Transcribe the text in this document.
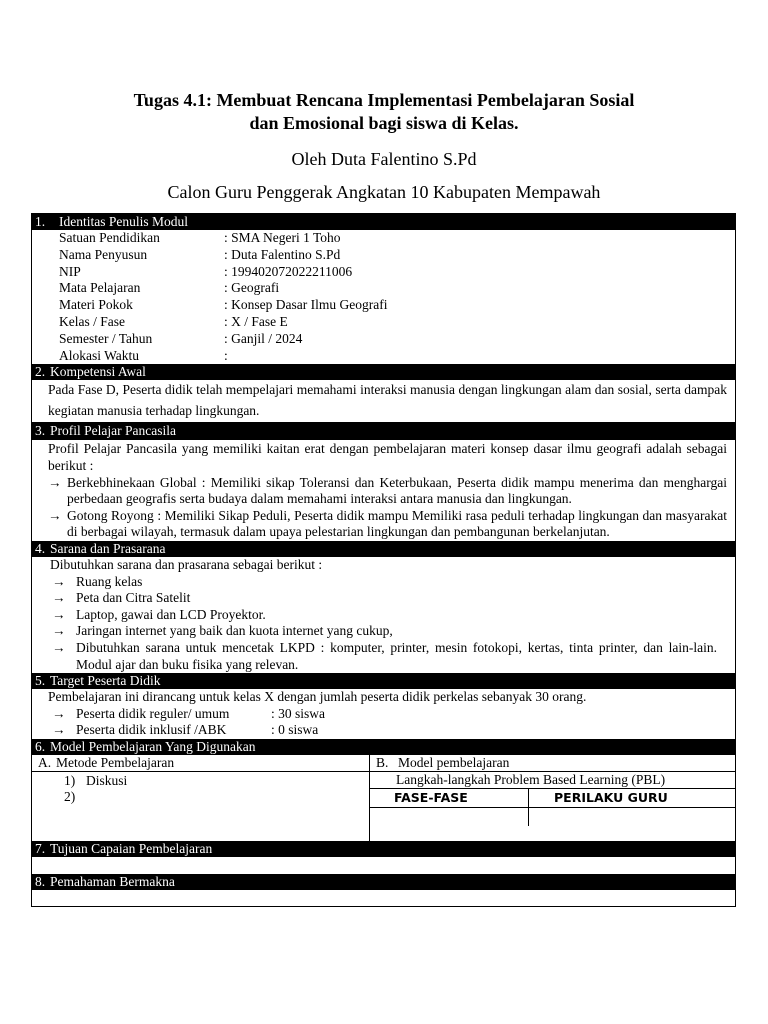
Tugas 4.1: Membuat Rencana Implementasi Pembelajaran Sosial
dan Emosional bagi siswa di Kelas.
Oleh Duta Falentino S.Pd
Calon Guru Penggerak Angkatan 10 Kabupaten Mempawah
1. Identitas Penulis Modul
Satuan Pendidikan	: SMA Negeri 1 Toho
Nama Penyusun	: Duta Falentino S.Pd
NIP	: 199402072022211006
Mata Pelajaran	: Geografi
Materi Pokok	: Konsep Dasar Ilmu Geografi
Kelas / Fase	: X / Fase E
Semester / Tahun	: Ganjil / 2024
Alokasi Waktu	:
2. Kompetensi Awal
Pada Fase D, Peserta didik telah mempelajari memahami interaksi manusia dengan lingkungan alam dan sosial, serta dampak kegiatan manusia terhadap lingkungan.
3. Profil Pelajar Pancasila
Profil Pelajar Pancasila yang memiliki kaitan erat dengan pembelajaran materi konsep dasar ilmu geografi adalah sebagai berikut :
→ Berkebhinekaan Global : Memiliki sikap Toleransi dan Keterbukaan, Peserta didik mampu menerima dan menghargai perbedaan geografis serta budaya dalam memahami interaksi antara manusia dan lingkungan.
→ Gotong Royong : Memiliki Sikap Peduli, Peserta didik mampu Memiliki rasa peduli terhadap lingkungan dan masyarakat di berbagai wilayah, termasuk dalam upaya pelestarian lingkungan dan pembangunan berkelanjutan.
4. Sarana dan Prasarana
Dibutuhkan sarana dan prasarana sebagai berikut :
→ Ruang kelas
→ Peta dan Citra Satelit
→ Laptop, gawai dan LCD Proyektor.
→ Jaringan internet yang baik dan kuota internet yang cukup,
→ Dibutuhkan sarana untuk mencetak LKPD : komputer, printer, mesin fotokopi, kertas, tinta printer, dan lain-lain. Modul ajar dan buku fisika yang relevan.
5. Target Peserta Didik
Pembelajaran ini dirancang untuk kelas X dengan jumlah peserta didik perkelas sebanyak 30 orang.
→ Peserta didik reguler/ umum	: 30 siswa
→ Peserta didik inklusif /ABK	: 0 siswa
6. Model Pembelajaran Yang Digunakan
A. Metode Pembelajaran
1) Diskusi
2)
B. Model pembelajaran
Langkah-langkah Problem Based Learning (PBL)
FASE-FASE	PERILAKU GURU
7. Tujuan Capaian Pembelajaran
8. Pemahaman Bermakna
